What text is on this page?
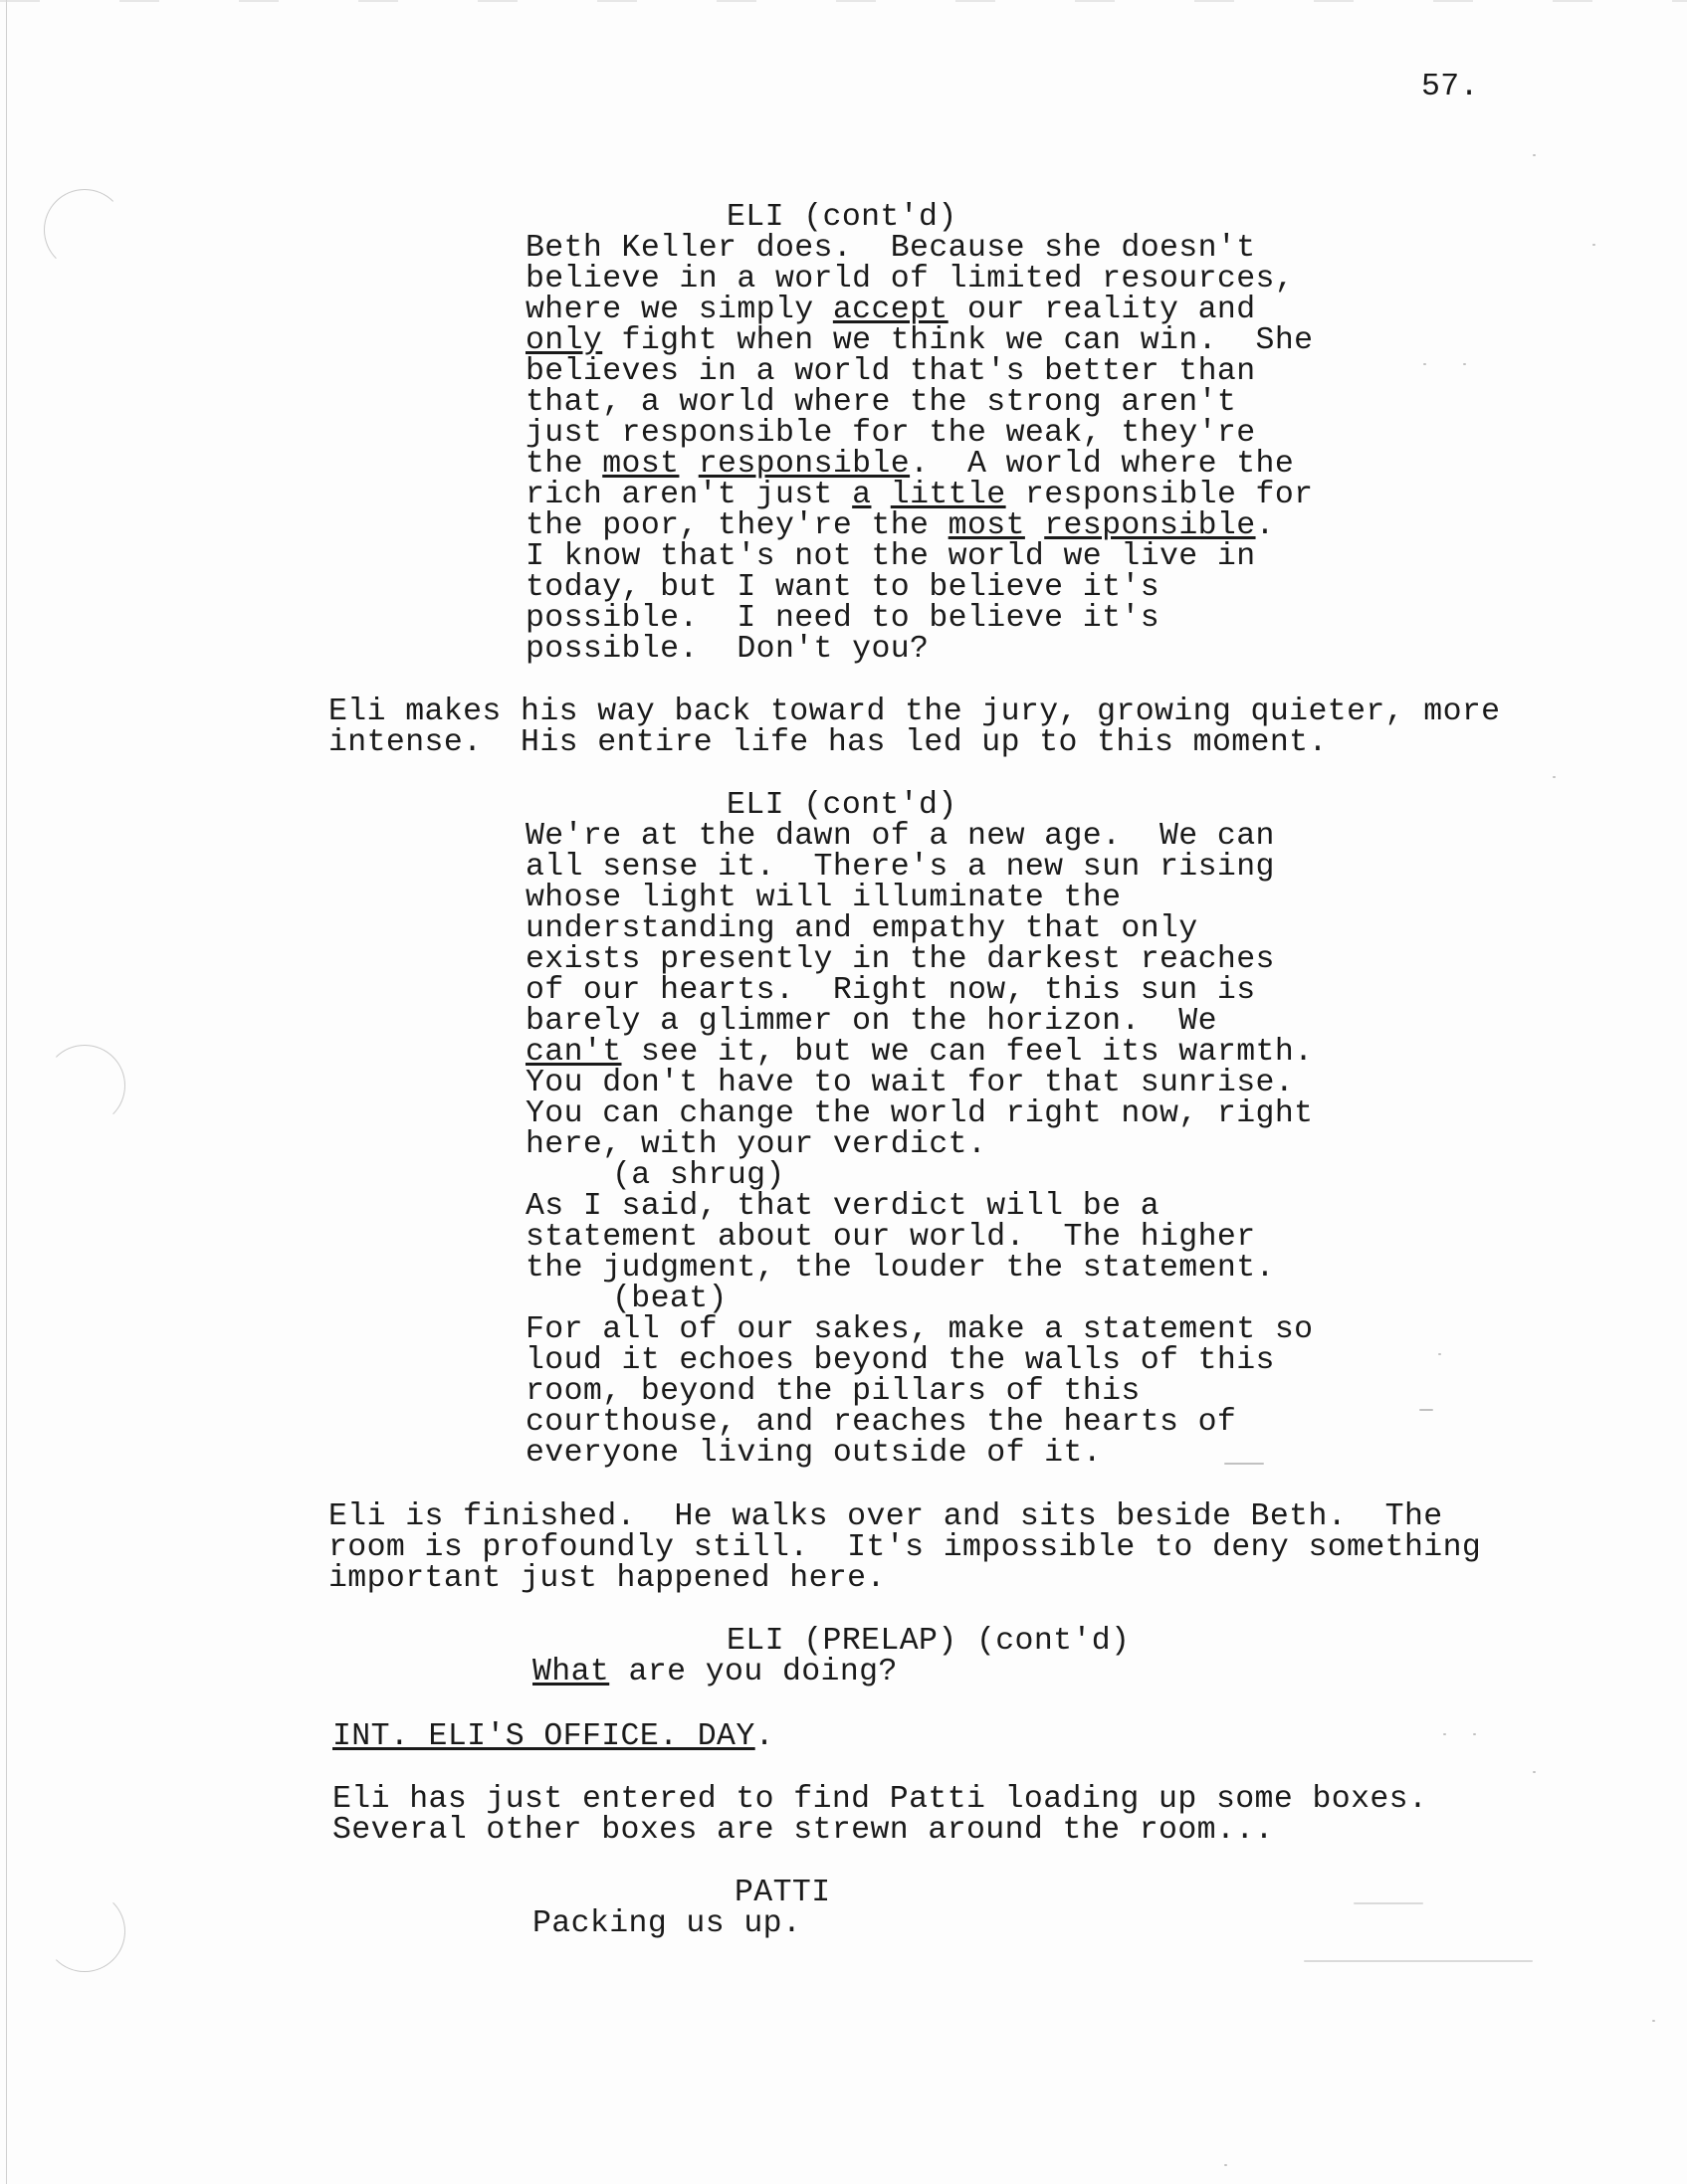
57.
ELI (cont'd)
Beth Keller does.  Because she doesn't
believe in a world of limited resources,
where we simply accept our reality and
only fight when we think we can win.  She
believes in a world that's better than
that, a world where the strong aren't
just responsible for the weak, they're
the most responsible.  A world where the
rich aren't just a little responsible for
the poor, they're the most responsible.
I know that's not the world we live in
today, but I want to believe it's
possible.  I need to believe it's
possible.  Don't you?
Eli makes his way back toward the jury, growing quieter, more
intense.  His entire life has led up to this moment.
ELI (cont'd)
We're at the dawn of a new age.  We can
all sense it.  There's a new sun rising
whose light will illuminate the
understanding and empathy that only
exists presently in the darkest reaches
of our hearts.  Right now, this sun is
barely a glimmer on the horizon.  We
can't see it, but we can feel its warmth.
You don't have to wait for that sunrise.
You can change the world right now, right
here, with your verdict.
(a shrug)
As I said, that verdict will be a
statement about our world.  The higher
the judgment, the louder the statement.
(beat)
For all of our sakes, make a statement so
loud it echoes beyond the walls of this
room, beyond the pillars of this
courthouse, and reaches the hearts of
everyone living outside of it.
Eli is finished.  He walks over and sits beside Beth.  The
room is profoundly still.  It's impossible to deny something
important just happened here.
ELI (PRELAP) (cont'd)
What are you doing?
INT. ELI'S OFFICE. DAY.
Eli has just entered to find Patti loading up some boxes.
Several other boxes are strewn around the room...
PATTI
Packing us up.
